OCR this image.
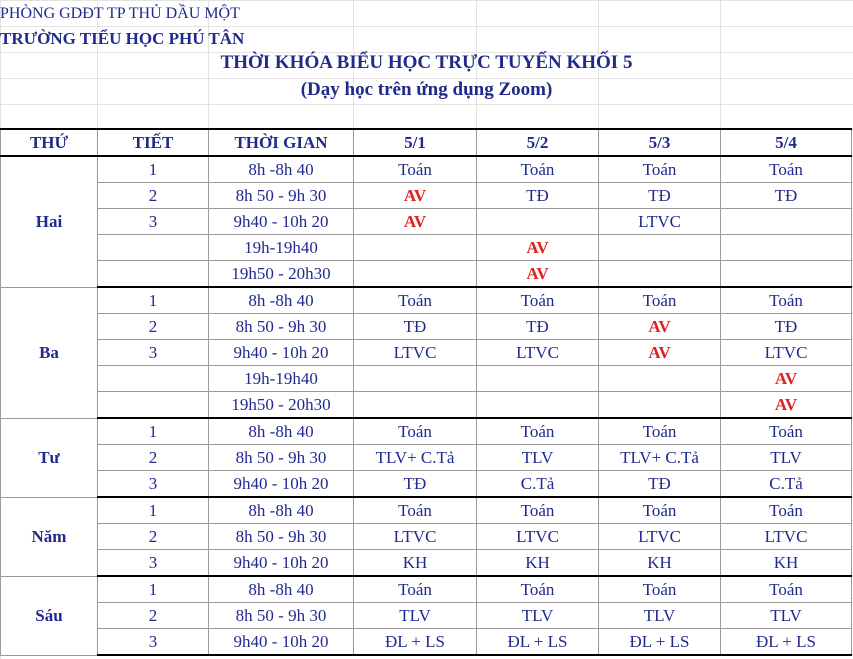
PHÒNG GDĐT TP THỦ DẦU MỘT
TRƯỜNG TIỂU HỌC PHÚ TÂN
THỜI KHÓA BIỂU HỌC TRỰC TUYẾN KHỐI 5
(Dạy học trên ứng dụng Zoom)
THỨ	TIẾT	THỜI GIAN	5/1	5/2	5/3	5/4
Hai	1	8h -8h 40	Toán	Toán	Toán	Toán
	2	8h 50 - 9h 30	AV	TĐ	TĐ	TĐ
	3	9h40 - 10h 20	AV		LTVC	
		19h-19h40		AV		
		19h50 - 20h30		AV		
Ba	1	8h -8h 40	Toán	Toán	Toán	Toán
	2	8h 50 - 9h 30	TĐ	TĐ	AV	TĐ
	3	9h40 - 10h 20	LTVC	LTVC	AV	LTVC
		19h-19h40				AV
		19h50 - 20h30				AV
Tư	1	8h -8h 40	Toán	Toán	Toán	Toán
	2	8h 50 - 9h 30	TLV+ C.Tả	TLV	TLV+ C.Tả	TLV
	3	9h40 - 10h 20	TĐ	C.Tả	TĐ	C.Tả
Năm	1	8h -8h 40	Toán	Toán	Toán	Toán
	2	8h 50 - 9h 30	LTVC	LTVC	LTVC	LTVC
	3	9h40 - 10h 20	KH	KH	KH	KH
Sáu	1	8h -8h 40	Toán	Toán	Toán	Toán
	2	8h 50 - 9h 30	TLV	TLV	TLV	TLV
	3	9h40 - 10h 20	ĐL + LS	ĐL + LS	ĐL + LS	ĐL + LS
